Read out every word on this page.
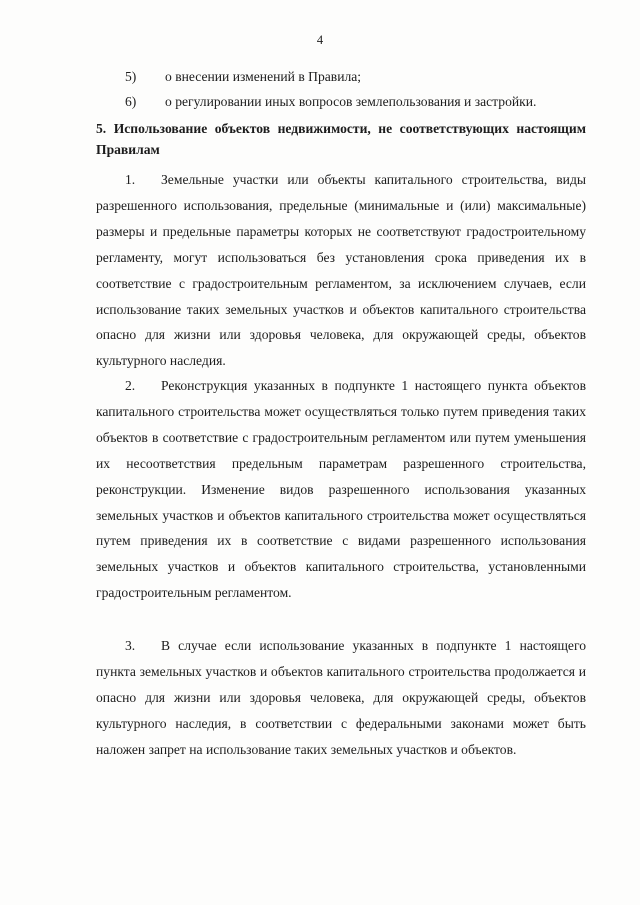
4
5) о внесении изменений в Правила;
6) о регулировании иных вопросов землепользования и застройки.
5. Использование объектов недвижимости, не соответствующих настоящим Правилам
1. Земельные участки или объекты капитального строительства, виды разрешенного использования, предельные (минимальные и (или) максимальные) размеры и предельные параметры которых не соответствуют градостроительному регламенту, могут использоваться без установления срока приведения их в соответствие с градостроительным регламентом, за исключением случаев, если использование таких земельных участков и объектов капитального строительства опасно для жизни или здоровья человека, для окружающей среды, объектов культурного наследия.
2. Реконструкция указанных в подпункте 1 настоящего пункта объектов капитального строительства может осуществляться только путем приведения таких объектов в соответствие с градостроительным регламентом или путем уменьшения их несоответствия предельным параметрам разрешенного строительства, реконструкции. Изменение видов разрешенного использования указанных земельных участков и объектов капитального строительства может осуществляться путем приведения их в соответствие с видами разрешенного использования земельных участков и объектов капитального строительства, установленными градостроительным регламентом.
3. В случае если использование указанных в подпункте 1 настоящего пункта земельных участков и объектов капитального строительства продолжается и опасно для жизни или здоровья человека, для окружающей среды, объектов культурного наследия, в соответствии с федеральными законами может быть наложен запрет на использование таких земельных участков и объектов.
